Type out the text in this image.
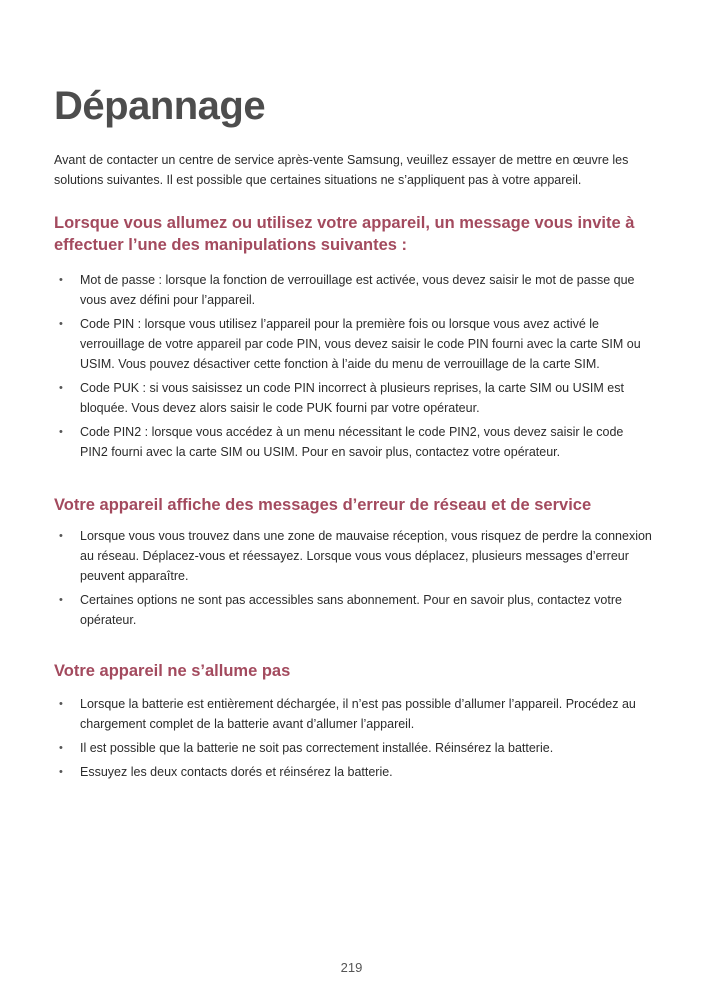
Dépannage

Avant de contacter un centre de service après-vente Samsung, veuillez essayer de mettre en œuvre les solutions suivantes. Il est possible que certaines situations ne s’appliquent pas à votre appareil.

Lorsque vous allumez ou utilisez votre appareil, un message vous invite à effectuer l’une des manipulations suivantes :
• Mot de passe : lorsque la fonction de verrouillage est activée, vous devez saisir le mot de passe que vous avez défini pour l’appareil.
• Code PIN : lorsque vous utilisez l’appareil pour la première fois ou lorsque vous avez activé le verrouillage de votre appareil par code PIN, vous devez saisir le code PIN fourni avec la carte SIM ou USIM. Vous pouvez désactiver cette fonction à l’aide du menu de verrouillage de la carte SIM.
• Code PUK : si vous saisissez un code PIN incorrect à plusieurs reprises, la carte SIM ou USIM est bloquée. Vous devez alors saisir le code PUK fourni par votre opérateur.
• Code PIN2 : lorsque vous accédez à un menu nécessitant le code PIN2, vous devez saisir le code PIN2 fourni avec la carte SIM ou USIM. Pour en savoir plus, contactez votre opérateur.
Votre appareil affiche des messages d’erreur de réseau et de service
• Lorsque vous vous trouvez dans une zone de mauvaise réception, vous risquez de perdre la connexion au réseau. Déplacez-vous et réessayez. Lorsque vous vous déplacez, plusieurs messages d’erreur peuvent apparaître.
• Certaines options ne sont pas accessibles sans abonnement. Pour en savoir plus, contactez votre opérateur.
Votre appareil ne s’allume pas
• Lorsque la batterie est entièrement déchargée, il n’est pas possible d’allumer l’appareil. Procédez au chargement complet de la batterie avant d’allumer l’appareil.
• Il est possible que la batterie ne soit pas correctement installée. Réinsérez la batterie.
• Essuyez les deux contacts dorés et réinsérez la batterie.
219
